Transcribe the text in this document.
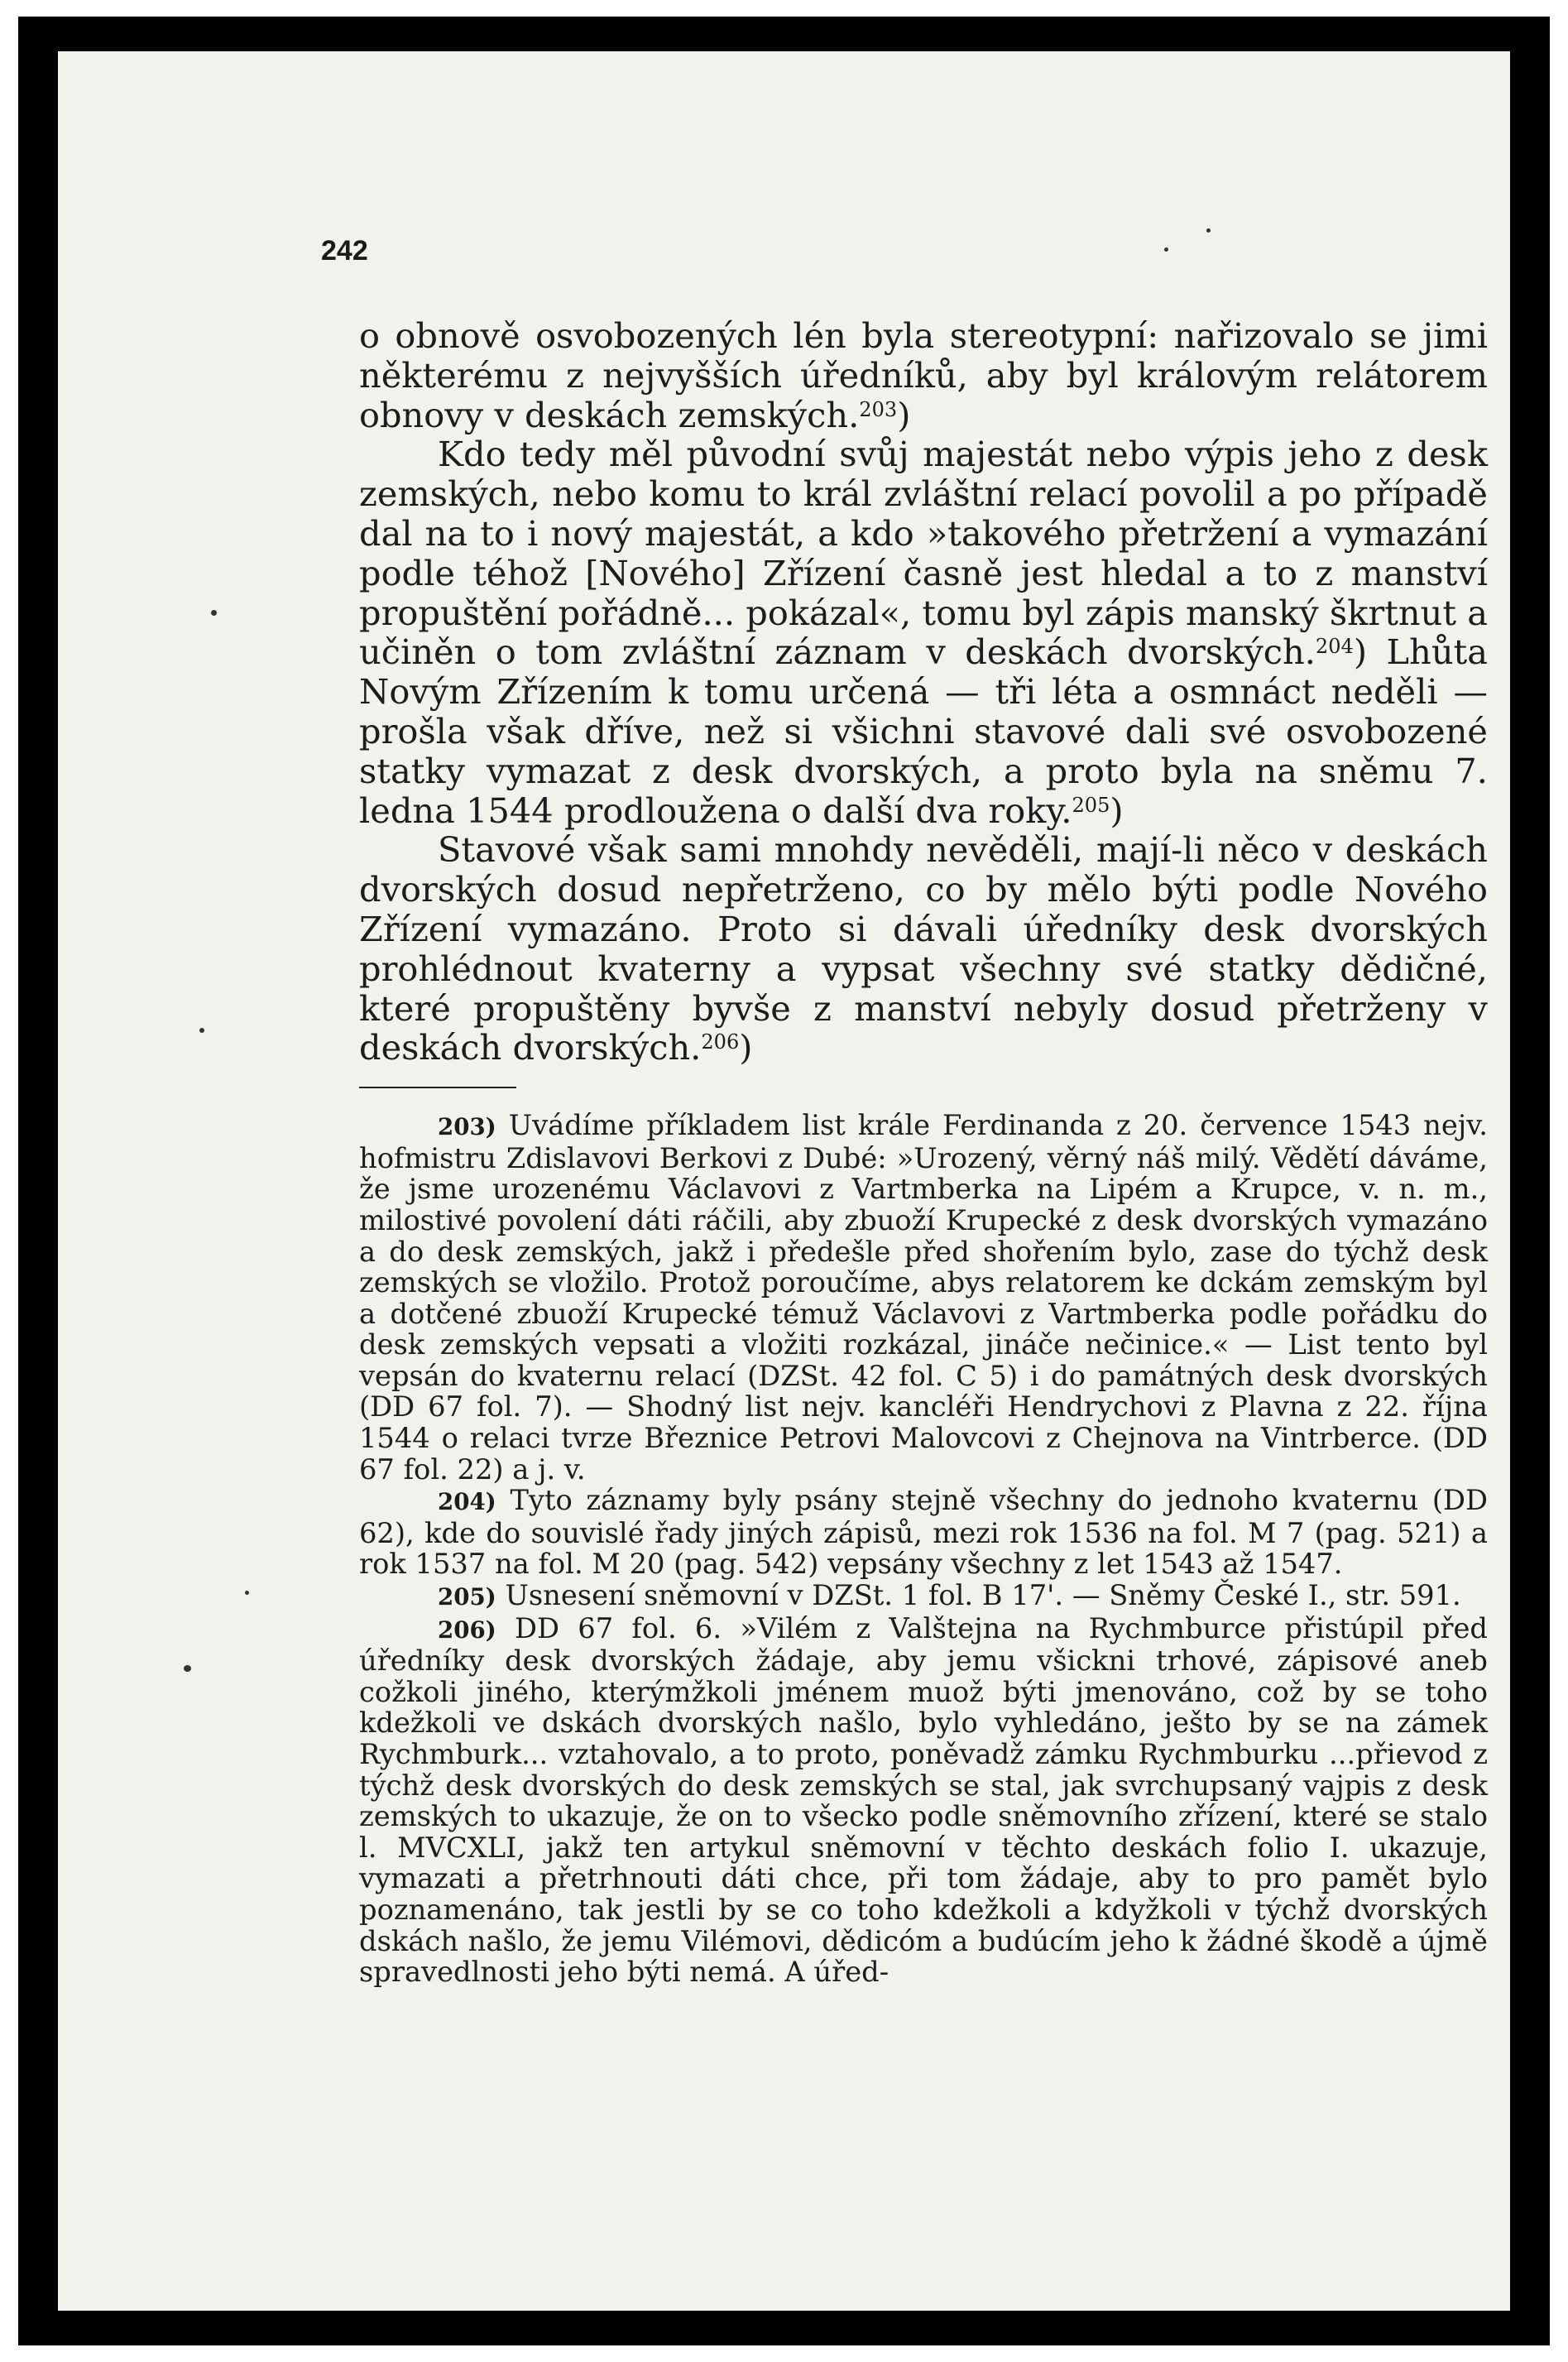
242

o obnově osvobozených lén byla stereotypní: nařizovalo se jimi některému z nejvyšších úředníků, aby byl královým relátorem obnovy v deskách zemských.$^{203}$)

Kdo tedy měl původní svůj majestát nebo výpis jeho z desk zemských, nebo komu to král zvláštní relací povolil a po případě dal na to i nový majestát, a kdo »takového přetržení a vymazání podle téhož [Nového] Zřízení časně jest hledal a to z manství propuštění pořádně... pokázal«, tomu byl zápis manský škrtnut a učiněn o tom zvláštní záznam v deskách dvorských.$^{204}$) Lhůta Novým Zřízením k tomu určená — tři léta a osmnáct neděli — prošla však dříve, než si všichni stavové dali své osvobozené statky vymazat z desk dvorských, a proto byla na sněmu 7. ledna 1544 prodloužena o další dva roky.$^{205}$)

Stavové však sami mnohdy nevěděli, mají-li něco v deskách dvorských dosud nepřetrženo, co by mělo býti podle Nového Zřízení vymazáno. Proto si dávali úředníky desk dvorských prohlédnout kvaterny a vypsat všechny své statky dědičné, které propuštěny byvše z manství nebyly dosud přetrženy v deskách dvorských.$^{206}$)

203) Uvádíme příkladem list krále Ferdinanda z 20. července 1543 nejv. hofmistru Zdislavovi Berkovi z Dubé: »Urozený, věrný náš milý. Vědětí dáváme, že jsme urozenému Václavovi z Vartmberka na Lipém a Krupce, v. n. m., milostivé povolení dáti ráčili, aby zbuoží Krupecké z desk dvorských vymazáno a do desk zemských, jakž i předešle před shořením bylo, zase do týchž desk zemských se vložilo. Protož poroučíme, abys relatorem ke dckám zemským byl a dotčené zbuoží Krupecké témuž Václavovi z Vartmberka podle pořádku do desk zemských vepsati a vložiti rozkázal, jináče nečinice.« — List tento byl vepsán do kvaternu relací (DZSt. 42 fol. C 5) i do památných desk dvorských (DD 67 fol. 7). — Shodný list nejv. kancléři Hendrychovi z Plavna z 22. října 1544 o relaci tvrze Březnice Petrovi Malovcovi z Chejnova na Vintrberce. (DD 67 fol. 22) a j. v.

204) Tyto záznamy byly psány stejně všechny do jednoho kvaternu (DD 62), kde do souvislé řady jiných zápisů, mezi rok 1536 na fol. M 7 (pag. 521) a rok 1537 na fol. M 20 (pag. 542) vepsány všechny z let 1543 až 1547.

205) Usnesení sněmovní v DZSt. 1 fol. B 17'. — Sněmy České I., str. 591.

206) DD 67 fol. 6. »Vilém z Valštejna na Rychmburce přistúpil před úředníky desk dvorských žádaje, aby jemu všickni trhové, zápisové aneb cožkoli jiného, kterýmžkoli jménem muož býti jmenováno, což by se toho kdežkoli ve dskách dvorských našlo, bylo vyhledáno, ješto by se na zámek Rychmburk... vztahovalo, a to proto, poněvadž zámku Rychmburku ...přievod z týchž desk dvorských do desk zemských se stal, jak svrchupsaný vajpis z desk zemských to ukazuje, že on to všecko podle sněmovního zřízení, které se stalo l. MVCXLI, jakž ten artykul sněmovní v těchto deskách folio I. ukazuje, vymazati a přetrhnouti dáti chce, při tom žádaje, aby to pro pamět bylo poznamenáno, tak jestli by se co toho kdežkoli a kdyžkoli v týchž dvorských dskách našlo, že jemu Vilémovi, dědicóm a budúcím jeho k žádné škodě a újmě spravedlnosti jeho býti nemá. A úřed-
